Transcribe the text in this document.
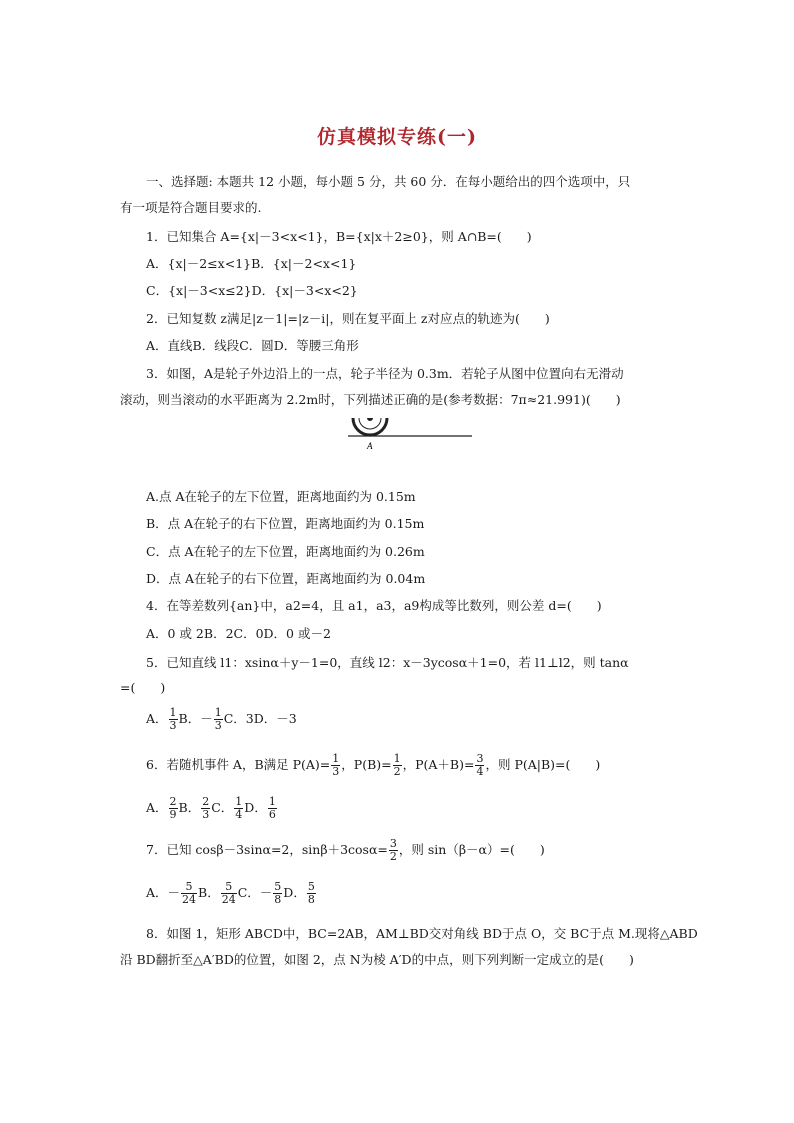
仿真模拟专练(一)
一、选择题: 本题共 12 小题，每小题 5 分，共 60 分．在每小题给出的四个选项中，只
有一项是符合题目要求的.
1．已知集合 A={x|－3<x<1}，B={x|x＋2≥0}，则 A∩B=(　　)
A．{x|－2≤x<1}B．{x|－2<x<1}
C．{x|－3<x≤2}D．{x|－3<x<2}
2．已知复数 z满足|z－1|=|z－i|，则在复平面上 z对应点的轨迹为(　　)
A．直线B．线段C．圆D．等腰三角形
3．如图，A是轮子外边沿上的一点，轮子半径为 0.3m．若轮子从图中位置向右无滑动
滚动，则当滚动的水平距离为 2.2m时，下列描述正确的是(参考数据：7π≈21.991)(　　)
A
A.点 A在轮子的左下位置，距离地面约为 0.15m
B．点 A在轮子的右下位置，距离地面约为 0.15m
C．点 A在轮子的左下位置，距离地面约为 0.26m
D．点 A在轮子的右下位置，距离地面约为 0.04m
4．在等差数列{an}中，a2=4，且 a1，a3，a9构成等比数列，则公差 d=(　　)
A．0 或 2B．2C．0D．0 或－2
5．已知直线 l1：xsinα＋y－1=0，直线 l2：x－3ycosα＋1=0，若 l1⊥l2，则 tanα
=(　　)
A． $\frac{1}{3}$ B．－ $\frac{1}{3}$ C．3D．－3
6．若随机事件 A，B满足 $P(A)= \frac{1}{3}$ ，$P(B)= \frac{1}{2}$ ，$P(A+B)= \frac{3}{4}$ ，则 P(A|B)=(　　)
A． $\frac{2}{9}$ B． $\frac{2}{3}$ C． $\frac{1}{4}$ D． $\frac{1}{6}$
7．已知 cosβ－3sinα=2，$\sin\beta+3\cos\alpha= \frac{3}{2}$ ，则 sin（β－α）=(　　)
A．－ $\frac{5}{24}$ B． $\frac{5}{24}$ C．－ $\frac{5}{8}$ D． $\frac{5}{8}$
8．如图 1，矩形 ABCD中，BC=2AB，AM⊥BD交对角线 BD于点 O，交 BC于点 M.现将△ABD
沿 BD翻折至△A′BD的位置，如图 2，点 N为棱 A′D的中点，则下列判断一定成立的是(　　)
